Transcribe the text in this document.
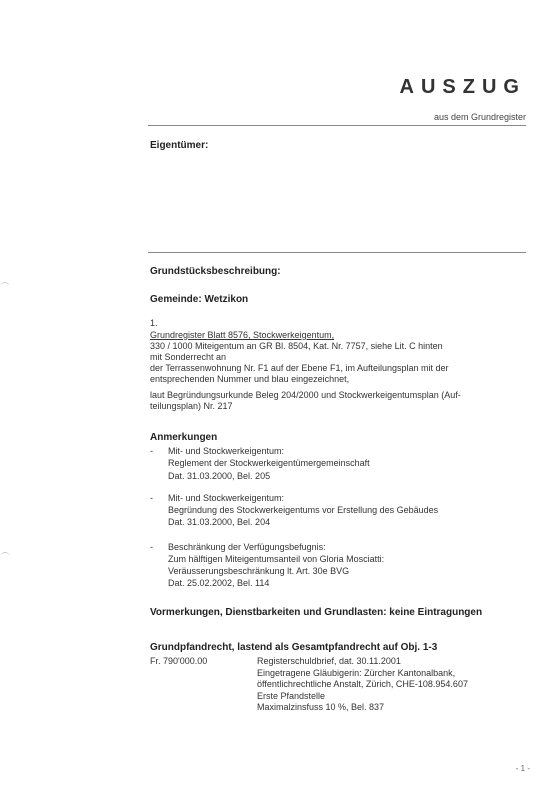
AUSZUG
aus dem Grundregister
Eigentümer:
Grundstücksbeschreibung:
Gemeinde: Wetzikon
1.
Grundregister Blatt 8576, Stockwerkeigentum,
330 / 1000 Miteigentum an GR Bl. 8504, Kat. Nr. 7757, siehe Lit. C hinten
mit Sonderrecht an
der Terrassenwohnung Nr. F1 auf der Ebene F1, im Aufteilungsplan mit der
entsprechenden Nummer und blau eingezeichnet,
laut Begründungsurkunde Beleg 204/2000 und Stockwerkeigentumsplan (Auf-
teilungsplan) Nr. 217
Anmerkungen
- Mit- und Stockwerkeigentum:
Reglement der Stockwerkeigentümergemeinschaft
Dat. 31.03.2000, Bel. 205
- Mit- und Stockwerkeigentum:
Begründung des Stockwerkeigentums vor Erstellung des Gebäudes
Dat. 31.03.2000, Bel. 204
- Beschränkung der Verfügungsbefugnis:
Zum hälftigen Miteigentumsanteil von Gloria Mosciatti:
Veräusserungsbeschränkung lt. Art. 30e BVG
Dat. 25.02.2002, Bel. 114
Vormerkungen, Dienstbarkeiten und Grundlasten: keine Eintragungen
Grundpfandrecht, lastend als Gesamtpfandrecht auf Obj. 1-3
Fr. 790'000.00	Registerschuldbrief, dat. 30.11.2001
Eingetragene Gläubigerin: Zürcher Kantonalbank,
öffentlichrechtliche Anstalt, Zürich, CHE-108.954.607
Erste Pfandstelle
Maximalzinsfuss 10 %, Bel. 837
- 1 -
